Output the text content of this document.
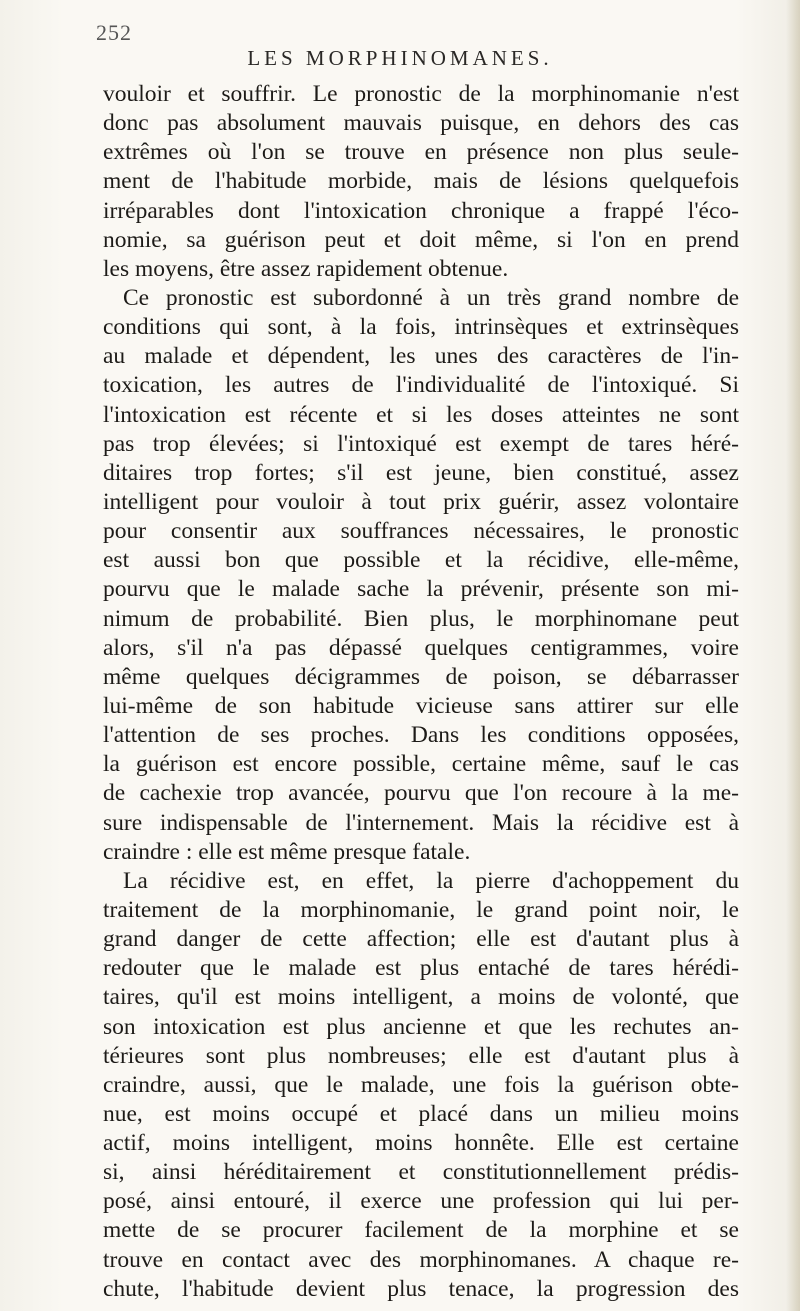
252
LES MORPHINOMANES.
vouloir et souffrir. Le pronostic de la morphinomanie n'est
donc pas absolument mauvais puisque, en dehors des cas
extrêmes où l'on se trouve en présence non plus seule-
ment de l'habitude morbide, mais de lésions quelquefois
irréparables dont l'intoxication chronique a frappé l'éco-
nomie, sa guérison peut et doit même, si l'on en prend
les moyens, être assez rapidement obtenue.
Ce pronostic est subordonné à un très grand nombre de
conditions qui sont, à la fois, intrinsèques et extrinsèques
au malade et dépendent, les unes des caractères de l'in-
toxication, les autres de l'individualité de l'intoxiqué. Si
l'intoxication est récente et si les doses atteintes ne sont
pas trop élevées; si l'intoxiqué est exempt de tares héré-
ditaires trop fortes; s'il est jeune, bien constitué, assez
intelligent pour vouloir à tout prix guérir, assez volontaire
pour consentir aux souffrances nécessaires, le pronostic
est aussi bon que possible et la récidive, elle-même,
pourvu que le malade sache la prévenir, présente son mi-
nimum de probabilité. Bien plus, le morphinomane peut
alors, s'il n'a pas dépassé quelques centigrammes, voire
même quelques décigrammes de poison, se débarrasser
lui-même de son habitude vicieuse sans attirer sur elle
l'attention de ses proches. Dans les conditions opposées,
la guérison est encore possible, certaine même, sauf le cas
de cachexie trop avancée, pourvu que l'on recoure à la me-
sure indispensable de l'internement. Mais la récidive est à
craindre : elle est même presque fatale.
La récidive est, en effet, la pierre d'achoppement du
traitement de la morphinomanie, le grand point noir, le
grand danger de cette affection; elle est d'autant plus à
redouter que le malade est plus entaché de tares hérédi-
taires, qu'il est moins intelligent, a moins de volonté, que
son intoxication est plus ancienne et que les rechutes an-
térieures sont plus nombreuses; elle est d'autant plus à
craindre, aussi, que le malade, une fois la guérison obte-
nue, est moins occupé et placé dans un milieu moins
actif, moins intelligent, moins honnête. Elle est certaine
si, ainsi héréditairement et constitutionnellement prédis-
posé, ainsi entouré, il exerce une profession qui lui per-
mette de se procurer facilement de la morphine et se
trouve en contact avec des morphinomanes. A chaque re-
chute, l'habitude devient plus tenace, la progression des
